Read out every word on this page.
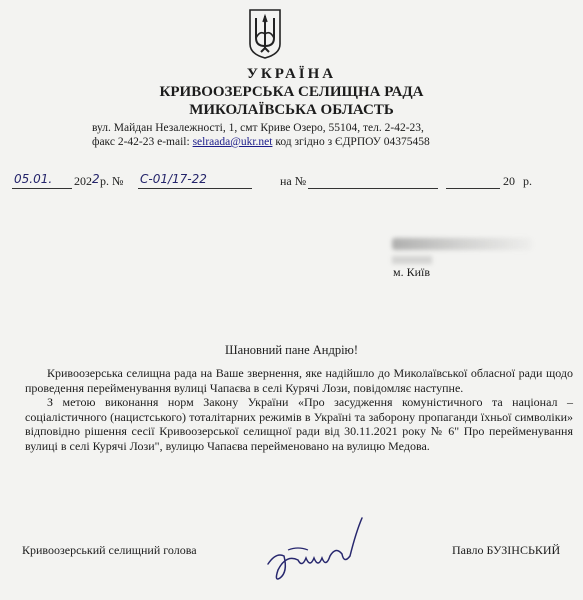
УКРАЇНА
КРИВООЗЕРСЬКА СЕЛИЩНА РАДА
МИКОЛАЇВСЬКА ОБЛАСТЬ
вул. Майдан Незалежності, 1, смт Криве Озеро, 55104, тел. 2-42-23,
факс 2-42-23 e-mail: selraada@ukr.net код згідно з ЄДРПОУ 04375458
05.01. 202 2 р. № С-01/17-22	на №	20 р.
м. Київ
Шановний пане Андрію!

Кривоозерська селищна рада на Ваше звернення, яке надійшло до Миколаївської обласної ради щодо проведення перейменування вулиці Чапаєва в селі Курячі Лози, повідомляє наступне.

З метою виконання норм Закону України «Про засудження комуністичного та націонал – соціалістичного (нацистського) тоталітарних режимів в Україні та заборону пропаганди їхньої символіки» відповідно рішення сесії Кривоозерської селищної ради від 30.11.2021 року № 6" Про перейменування вулиці в селі Курячі Лози", вулицю Чапаєва перейменовано на вулицю Медова.

Кривоозерський селищний голова	Павло БУЗІНСЬКИЙ
